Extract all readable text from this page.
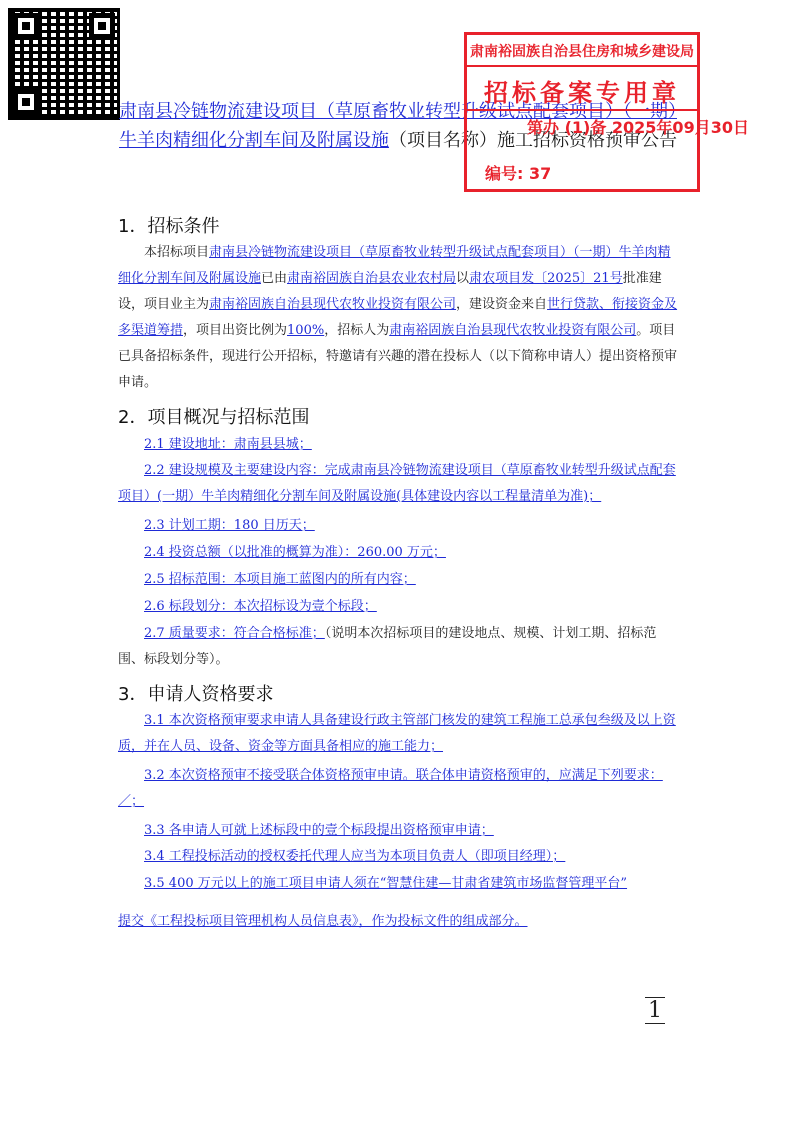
肃南县冷链物流建设项目（草原畜牧业转型升级试点配套项目）（一期）牛羊肉精细化分割车间及附属设施（项目名称）施工招标资格预审公告
肃南裕固族自治县住房和城乡建设局
招标备案专用章
第办 (1)备 2025年09月30日
编号: 37
1．招标条件
本招标项目肃南县冷链物流建设项目（草原畜牧业转型升级试点配套项目）（一期）牛羊肉精细化分割车间及附属设施已由肃南裕固族自治县农业农村局以肃农项目发〔2025〕21号批准建设，项目业主为肃南裕固族自治县现代农牧业投资有限公司，建设资金来自世行贷款、衔接资金及多渠道筹措，项目出资比例为100%，招标人为肃南裕固族自治县现代农牧业投资有限公司。项目已具备招标条件，现进行公开招标，特邀请有兴趣的潜在投标人（以下简称申请人）提出资格预审申请。
2．项目概况与招标范围
2.1 建设地址：肃南县县城；
2.2 建设规模及主要建设内容：完成肃南县冷链物流建设项目（草原畜牧业转型升级试点配套项目）(一期）牛羊肉精细化分割车间及附属设施(具体建设内容以工程量清单为准)；
2.3 计划工期：180 日历天；
2.4 投资总额（以批准的概算为准）：260.00 万元；
2.5 招标范围：本项目施工蓝图内的所有内容；
2.6 标段划分：本次招标设为壹个标段；
2.7 质量要求：符合合格标准；（说明本次招标项目的建设地点、规模、计划工期、招标范围、标段划分等）。
3．申请人资格要求
3.1 本次资格预审要求申请人具备建设行政主管部门核发的建筑工程施工总承包叁级及以上资质，并在人员、设备、资金等方面具备相应的施工能力；
3.2 本次资格预审不接受联合体资格预审申请。联合体申请资格预审的，应满足下列要求：／；
3.3 各申请人可就上述标段中的壹个标段提出资格预审申请；
3.4 工程投标活动的授权委托代理人应当为本项目负责人（即项目经理）；
3.5 400 万元以上的施工项目申请人须在“智慧住建—甘肃省建筑市场监督管理平台”
提交《工程投标项目管理机构人员信息表》，作为投标文件的组成部分。
1
